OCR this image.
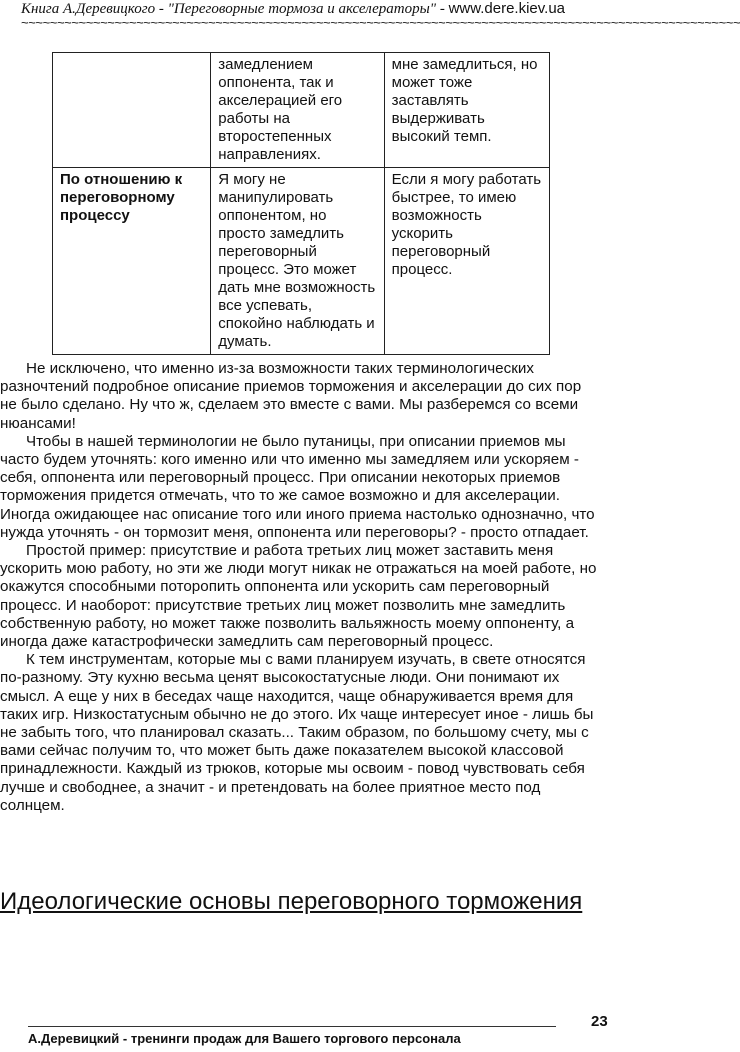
Книга А.Деревицкого - "Переговорные тормоза и акселераторы" - www.dere.kiev.ua
~~~~~~~~~~~~~~~~~~~~~~~~~~~~~~~~~~~~~~~~~~~~~~~~~~~~~~~~~~~~~~~~~~~~~~~~~~~~~~~~~~~~~~~~~~~~~~~~~~~~
	замедлением оппонента, так и акселерацией его работы на второстепенных направлениях.	мне замедлиться, но может тоже заставлять выдерживать высокий темп.
По отношению к переговорному процессу	Я могу не манипулировать оппонентом, но просто замедлить переговорный процесс. Это может дать мне возможность все успевать, спокойно наблюдать и думать.	Если я могу работать быстрее, то имею возможность ускорить переговорный процесс.

Не исключено, что именно из-за возможности таких терминологических разночтений подробное описание приемов торможения и акселерации до сих пор не было сделано. Ну что ж, сделаем это вместе с вами. Мы разберемся со всеми нюансами!

Чтобы в нашей терминологии не было путаницы, при описании приемов мы часто будем уточнять: кого именно или что именно мы замедляем или ускоряем - себя, оппонента или переговорный процесс. При описании некоторых приемов торможения придется отмечать, что то же самое возможно и для акселерации. Иногда ожидающее нас описание того или иного приема настолько однозначно, что нужда уточнять - он тормозит меня, оппонента или переговоры? - просто отпадает.

Простой пример: присутствие и работа третьих лиц может заставить меня ускорить мою работу, но эти же люди могут никак не отражаться на моей работе, но окажутся способными поторопить оппонента или ускорить сам переговорный процесс. И наоборот: присутствие третьих лиц может позволить мне замедлить собственную работу, но может также позволить вальяжность моему оппоненту, а иногда даже катастрофически замедлить сам переговорный процесс.

К тем инструментам, которые мы с вами планируем изучать, в свете относятся по-разному. Эту кухню весьма ценят высокостатусные люди. Они понимают их смысл. А еще у них в беседах чаще находится, чаще обнаруживается время для таких игр. Низкостатусным обычно не до этого. Их чаще интересует иное - лишь бы не забыть того, что планировал сказать... Таким образом, по большому счету, мы с вами сейчас получим то, что может быть даже показателем высокой классовой принадлежности. Каждый из трюков, которые мы освоим - повод чувствовать себя лучше и свободнее, а значит - и претендовать на более приятное место под солнцем.

Идеологические основы переговорного торможения
23
А.Деревицкий - тренинги продаж для Вашего торгового персонала
